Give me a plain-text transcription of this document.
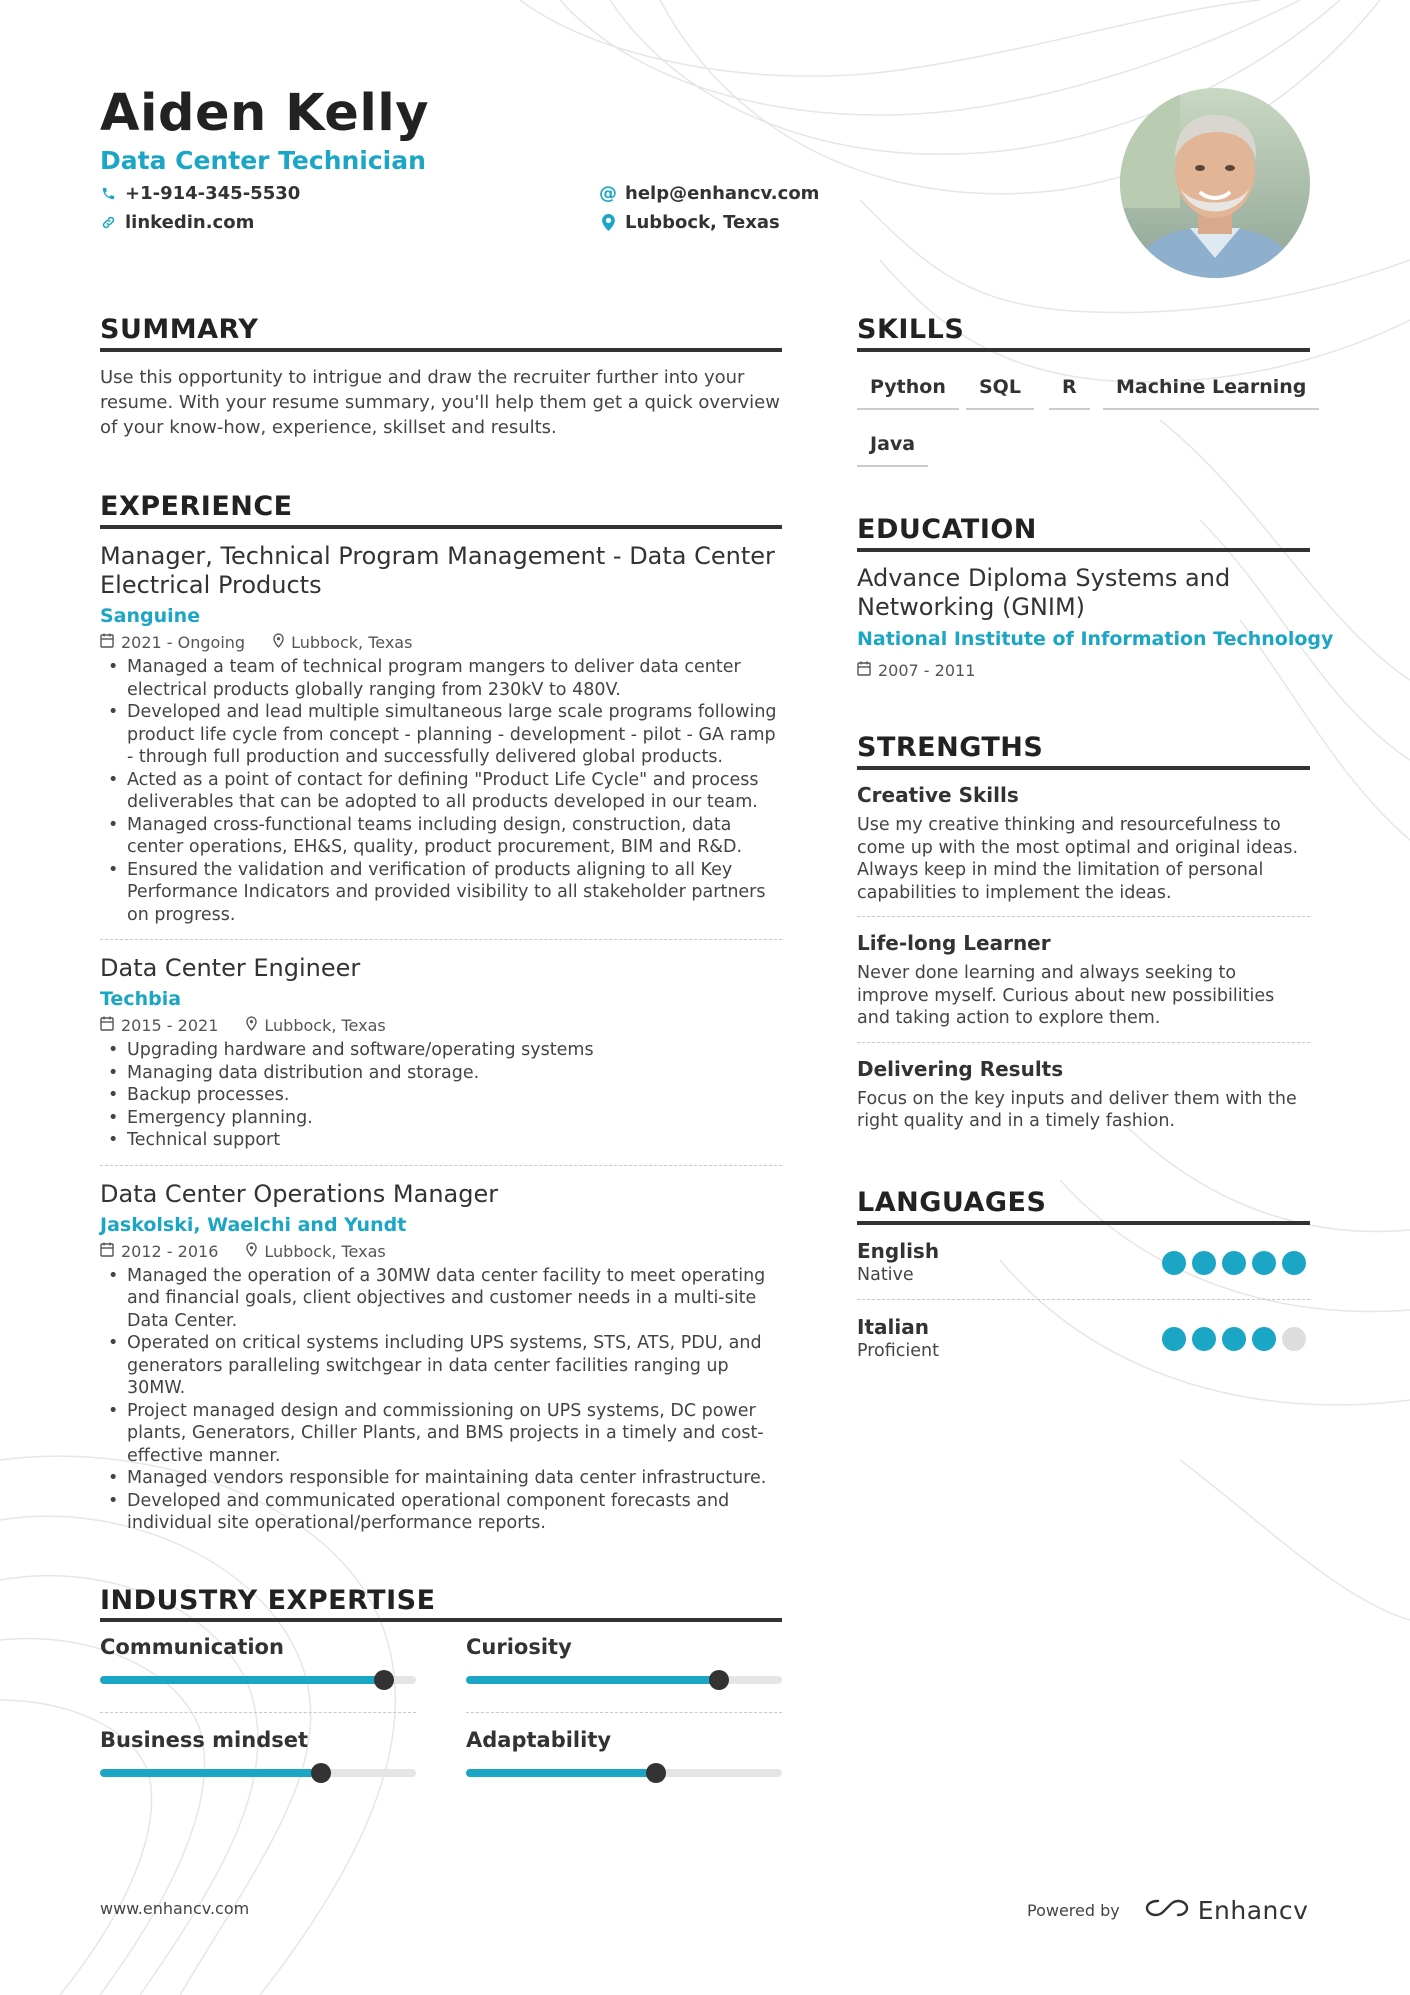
Aiden Kelly
Data Center Technician
+1-914-345-5530
linkedin.com
@ help@enhancv.com
Lubbock, Texas
SUMMARY
Use this opportunity to intrigue and draw the recruiter further into your resume. With your resume summary, you'll help them get a quick overview of your know-how, experience, skillset and results.
EXPERIENCE
Manager, Technical Program Management - Data Center Electrical Products
Sanguine
2021 - Ongoing	Lubbock, Texas
• Managed a team of technical program mangers to deliver data center electrical products globally ranging from 230kV to 480V.
• Developed and lead multiple simultaneous large scale programs following product life cycle from concept - planning - development - pilot - GA ramp - through full production and successfully delivered global products.
• Acted as a point of contact for defining "Product Life Cycle" and process deliverables that can be adopted to all products developed in our team.
• Managed cross-functional teams including design, construction, data center operations, EH&S, quality, product procurement, BIM and R&D.
• Ensured the validation and verification of products aligning to all Key Performance Indicators and provided visibility to all stakeholder partners on progress.
Data Center Engineer
Techbia
2015 - 2021	Lubbock, Texas
• Upgrading hardware and software/operating systems
• Managing data distribution and storage.
• Backup processes.
• Emergency planning.
• Technical support
Data Center Operations Manager
Jaskolski, Waelchi and Yundt
2012 - 2016	Lubbock, Texas
• Managed the operation of a 30MW data center facility to meet operating and financial goals, client objectives and customer needs in a multi-site Data Center.
• Operated on critical systems including UPS systems, STS, ATS, PDU, and generators paralleling switchgear in data center facilities ranging up 30MW.
• Project managed design and commissioning on UPS systems, DC power plants, Generators, Chiller Plants, and BMS projects in a timely and cost-effective manner.
• Managed vendors responsible for maintaining data center infrastructure.
• Developed and communicated operational component forecasts and individual site operational/performance reports.
INDUSTRY EXPERTISE
Communication	Curiosity
Business mindset	Adaptability
SKILLS
Python	SQL	R	Machine Learning
Java
EDUCATION
Advance Diploma Systems and Networking (GNIM)
National Institute of Information Technology
2007 - 2011
STRENGTHS
Creative Skills
Use my creative thinking and resourcefulness to come up with the most optimal and original ideas. Always keep in mind the limitation of personal capabilities to implement the ideas.
Life-long Learner
Never done learning and always seeking to improve myself. Curious about new possibilities and taking action to explore them.
Delivering Results
Focus on the key inputs and deliver them with the right quality and in a timely fashion.
LANGUAGES
English
Native
Italian
Proficient
www.enhancv.com	Powered by	Enhancv
